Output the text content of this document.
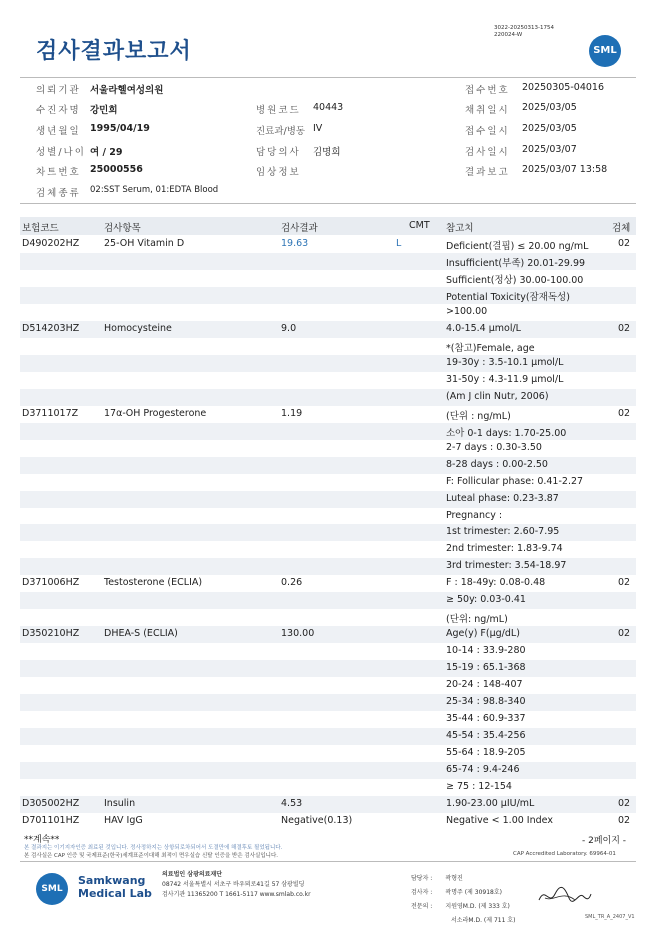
검사결과보고서
3022-20250313-1754
220024-W
SML
의뢰기관 서울라헬여성의원	접수번호 20250305-04016
수진자명 강민희	병원코드 40443	채취일시 2025/03/05
생년월일 1995/04/19	진료과/병동 IV	접수일시 2025/03/05
성별/나이 여 / 29	담당의사 김명희	검사일시 2025/03/07
차트번호 25000556	임상정보	결과보고 2025/03/07 13:58
검체종류 02:SST Serum, 01:EDTA Blood
보험코드	검사항목	검사결과	CMT 참고치	검체
D490202HZ	25-OH Vitamin D	19.63	L	Deficient(결핍) ≤ 20.00 ng/mL	02
Insufficient(부족) 20.01-29.99
Sufficient(정상) 30.00-100.00
Potential Toxicity(잠재독성)
>100.00
D514203HZ	Homocysteine	9.0	4.0-15.4 μmol/L	02
*(참고)Female, age
19-30y : 3.5-10.1 μmol/L
31-50y : 4.3-11.9 μmol/L
(Am J clin Nutr, 2006)
D3711017Z	17α-OH Progesterone	1.19	(단위 : ng/mL)	02
소아 0-1 days: 1.70-25.00
2-7 days : 0.30-3.50
8-28 days : 0.00-2.50
F: Follicular phase: 0.41-2.27
Luteal phase: 0.23-3.87
Pregnancy :
1st trimester: 2.60-7.95
2nd trimester: 1.83-9.74
3rd trimester: 3.54-18.97
D371006HZ	Testosterone (ECLIA)	0.26	F : 18-49y: 0.08-0.48	02
≥ 50y: 0.03-0.41
(단위: ng/mL)
D350210HZ	DHEA-S (ECLIA)	130.00	Age(y) F(μg/dL)	02
10-14 : 33.9-280
15-19 : 65.1-368
20-24 : 148-407
25-34 : 98.8-340
35-44 : 60.9-337
45-54 : 35.4-256
55-64 : 18.9-205
65-74 : 9.4-246
≥ 75 : 12-154
D305002HZ	Insulin	4.53	1.90-23.00 μIU/mL	02
D701101HZ	HAV IgG	Negative(0.13)	Negative < 1.00 Index	02
**계속**	- 2페이지 -
본 결과지는 이기지자인증 최료된 것입니다. 정사정하지는 상항되로차되어서 도결만에 해결후토 될었됩니다.
본 검사실은 CAP 인증 및 국제표준(한국)세계표준이대해 최적이 면우실습 신탈 인증을 받은 검사실입니다.	CAP Accredited Laboratory. 69964-01
SML
Samkwang
Medical Lab
의료법인 삼광의료재단
08742 서울특별시 서초구 바우뫼로41길 57 삼광빌딩
검사기관 11365200 T 1661-5117 www.smlab.co.kr
담당자 : 곽형진
검사자 : 곽명주 (제 30918호)
전문의 : 지원영M.D. (제 333 호)
서소라M.D. (제 711 호)	SML_TR_A_2407_V1
